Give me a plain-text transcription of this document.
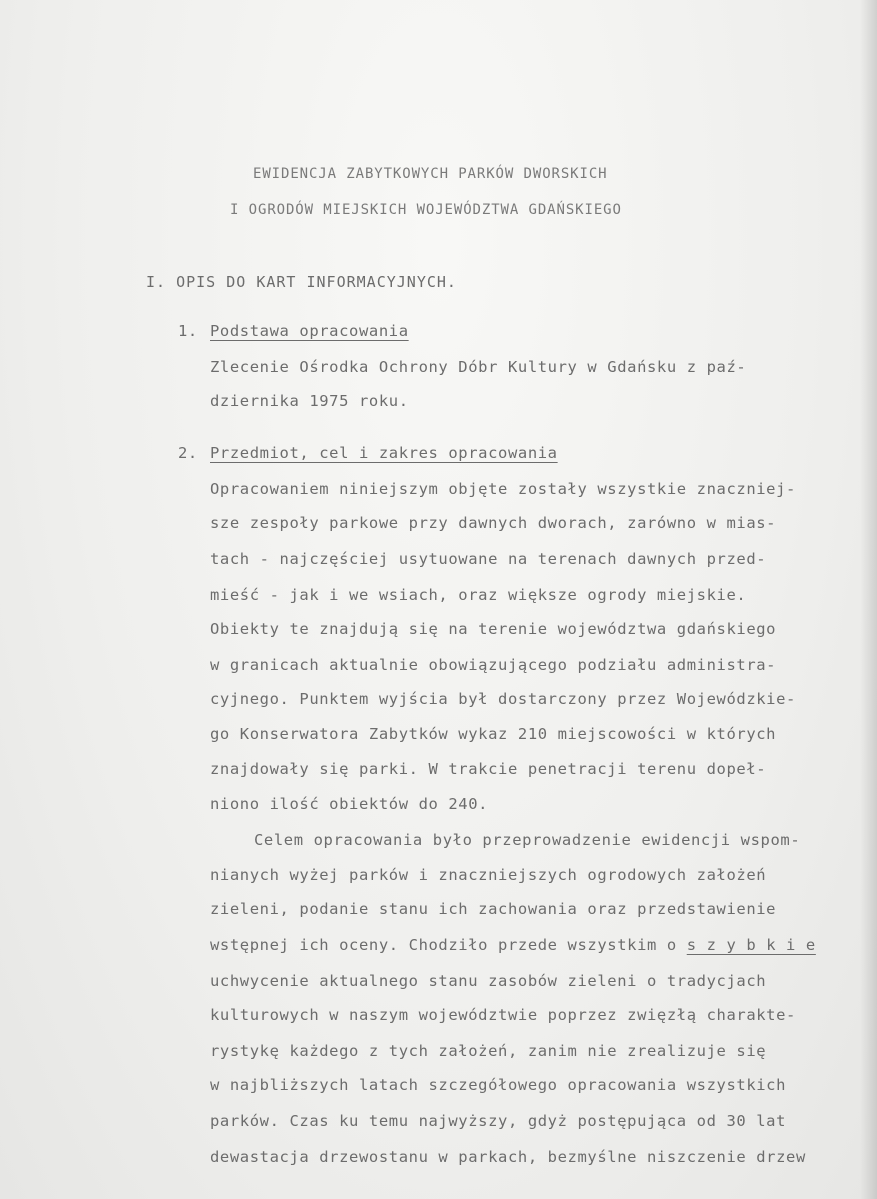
EWIDENCJA ZABYTKOWYCH PARKÓW DWORSKICH
I OGRODÓW MIEJSKICH WOJEWÓDZTWA GDAŃSKIEGO
I. OPIS DO KART INFORMACYJNYCH.
1. Podstawa opracowania
Zlecenie Ośrodka Ochrony Dóbr Kultury w Gdańsku z paź-
dziernika 1975 roku.
2. Przedmiot, cel i zakres opracowania
Opracowaniem niniejszym objęte zostały wszystkie znaczniej-
sze zespoły parkowe przy dawnych dworach, zarówno w mias-
tach - najczęściej usytuowane na terenach dawnych przed-
mieść - jak i we wsiach, oraz większe ogrody miejskie.
Obiekty te znajdują się na terenie województwa gdańskiego
w granicach aktualnie obowiązującego podziału administra-
cyjnego. Punktem wyjścia był dostarczony przez Wojewódzkie-
go Konserwatora Zabytków wykaz 210 miejscowości w których
znajdowały się parki. W trakcie penetracji terenu dopeł-
niono ilość obiektów do 240.
Celem opracowania było przeprowadzenie ewidencji wspom-
nianych wyżej parków i znaczniejszych ogrodowych założeń
zieleni, podanie stanu ich zachowania oraz przedstawienie
wstępnej ich oceny. Chodziło przede wszystkim o s z y b k i e
uchwycenie aktualnego stanu zasobów zieleni o tradycjach
kulturowych w naszym województwie poprzez zwięzłą charakte-
rystykę każdego z tych założeń, zanim nie zrealizuje się
w najbliższych latach szczegółowego opracowania wszystkich
parków. Czas ku temu najwyższy, gdyż postępująca od 30 lat
dewastacja drzewostanu w parkach, bezmyślne niszczenie drzew
